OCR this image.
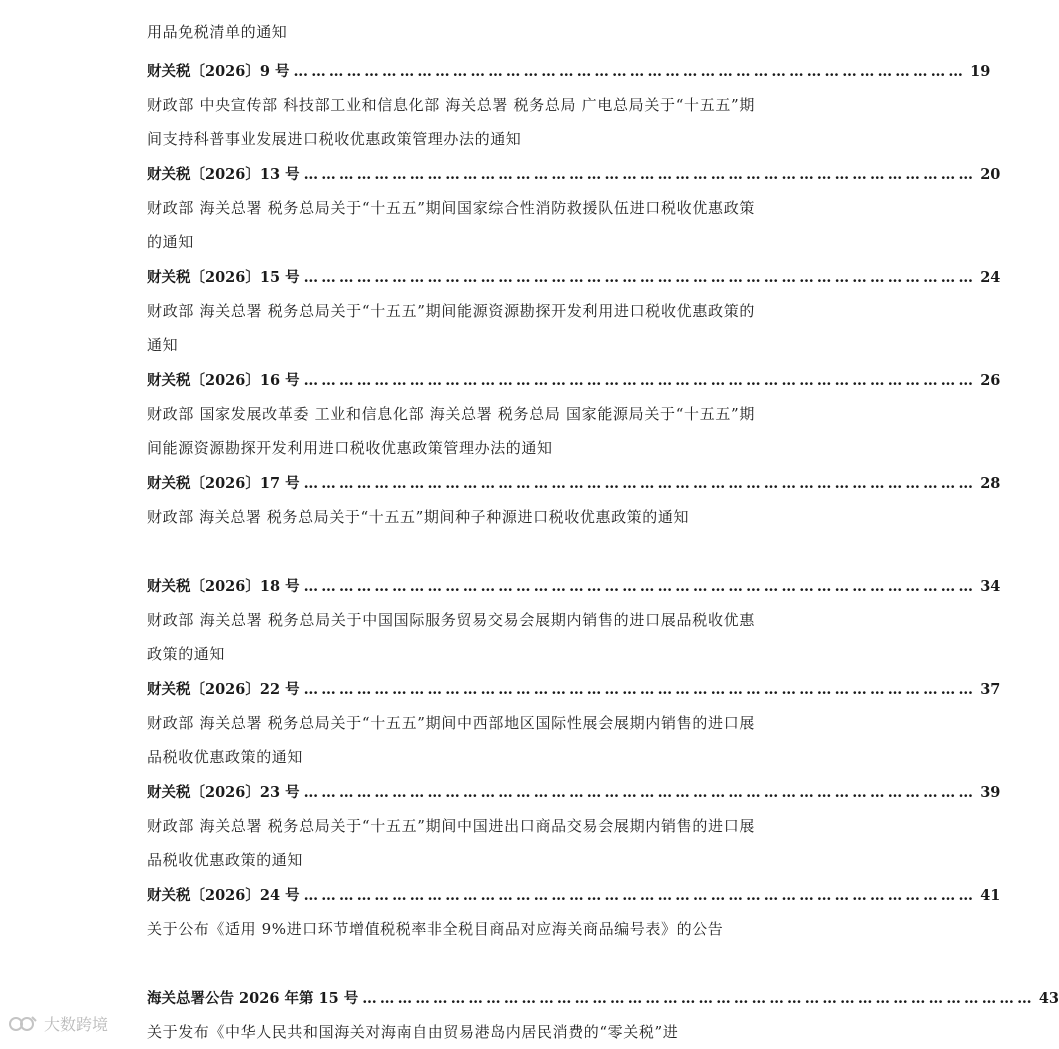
用品免税清单的通知
财关税〔2026〕9 号 …………………………………………………………………………………………………… 19
财政部 中央宣传部 科技部工业和信息化部 海关总署 税务总局 广电总局关于“十五五”期间支持科普事业发展进口税收优惠政策管理办法的通知
财关税〔2026〕13 号 …………………………………………………………………………………………………… 20
财政部 海关总署 税务总局关于“十五五”期间国家综合性消防救援队伍进口税收优惠政策的通知
财关税〔2026〕15 号 …………………………………………………………………………………………………… 24
财政部 海关总署 税务总局关于“十五五”期间能源资源勘探开发利用进口税收优惠政策的通知
财关税〔2026〕16 号 …………………………………………………………………………………………………… 26
财政部 国家发展改革委 工业和信息化部 海关总署 税务总局 国家能源局关于“十五五”期间能源资源勘探开发利用进口税收优惠政策管理办法的通知
财关税〔2026〕17 号 …………………………………………………………………………………………………… 28
财政部 海关总署 税务总局关于“十五五”期间种子种源进口税收优惠政策的通知
财关税〔2026〕18 号 …………………………………………………………………………………………………… 34
财政部 海关总署 税务总局关于中国国际服务贸易交易会展期内销售的进口展品税收优惠政策的通知
财关税〔2026〕22 号 …………………………………………………………………………………………………… 37
财政部 海关总署 税务总局关于“十五五”期间中西部地区国际性展会展期内销售的进口展品税收优惠政策的通知
财关税〔2026〕23 号 …………………………………………………………………………………………………… 39
财政部 海关总署 税务总局关于“十五五”期间中国进出口商品交易会展期内销售的进口展品税收优惠政策的通知
财关税〔2026〕24 号 …………………………………………………………………………………………………… 41
关于公布《适用 9%进口环节增值税税率非全税目商品对应海关商品编号表》的公告
海关总署公告 2026 年第 15 号 …………………………………………………………………………………………………… 43
关于发布《中华人民共和国海关对海南自由贸易港岛内居民消费的“零关税”进
大数跨境
